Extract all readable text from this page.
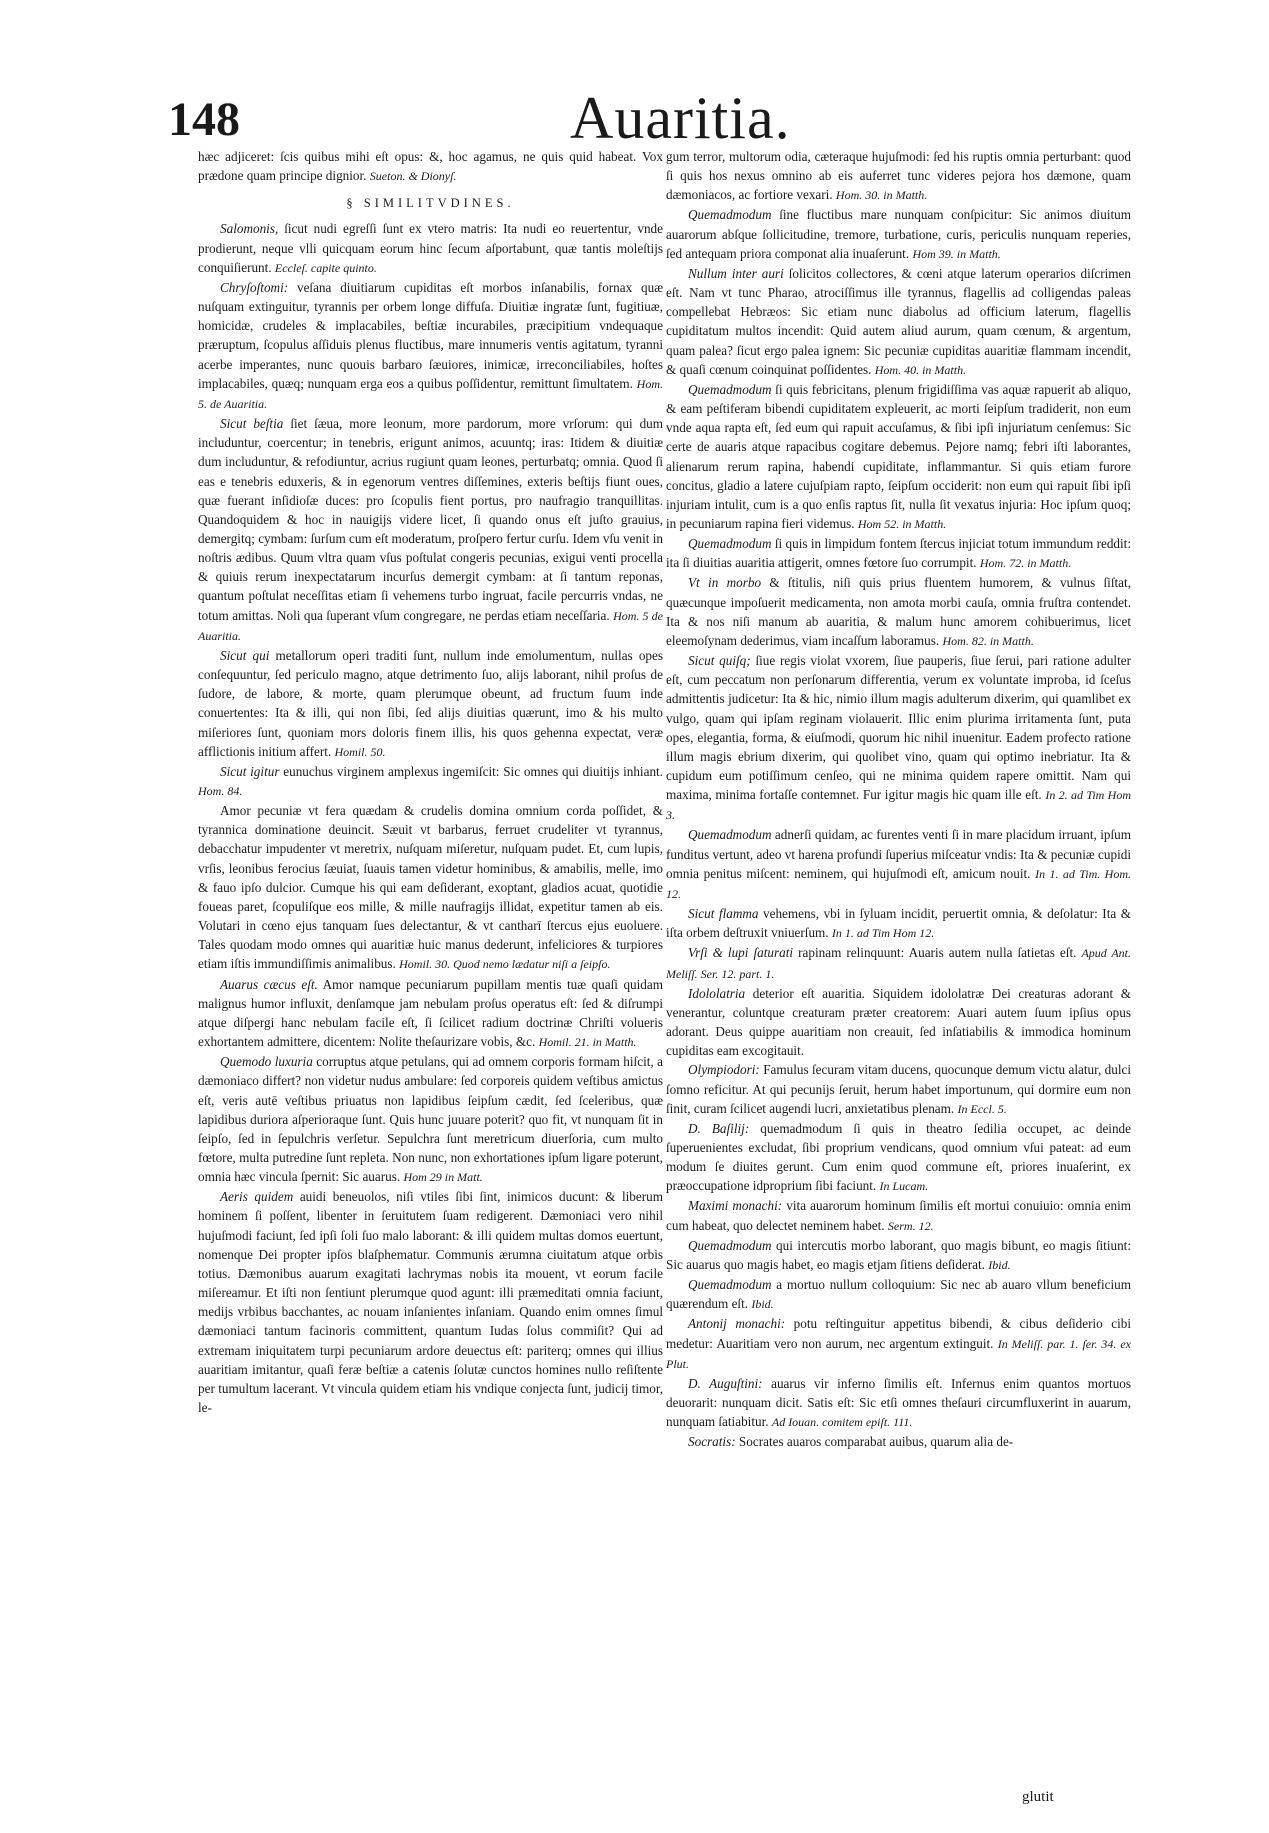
148	Auaritia.

hæc adjiceret: ſcis quibus mihi eſt opus: &, hoc agamus, ne quis quid habeat. Vox prædone quam principe dignior. Sueton. & Dionyſ.

§ SIMILITVDINES.

Salomonis, ſicut nudi egreſſi ſunt ex vtero matris: Ita nudi eo reuertentur, vnde prodierunt, neque vlli quicquam eorum hinc ſecum aſportabunt, quæ tantis moleſtijs conquiſierunt. Eccleſ. capite quinto.

Chryſoſtomi: veſana diuitiarum cupiditas eſt morbos inſanabilis, fornax quæ nuſquam extinguitur, tyrannis per orbem longe diffuſa. Diuitiæ ingratæ ſunt, fugitiuæ, homicidæ, crudeles & implacabiles, beſtiæ incurabiles, præcipitium vndequaque præruptum, ſcopulus aſſiduis plenus fluctibus, mare innumeris ventis agitatum, tyranni acerbe imperantes, nunc quouis barbaro ſæuiores, inimicæ, irreconciliabiles, hoſtes implacabiles, quæq; nunquam erga eos a quibus poſſidentur, remittunt ſimultatem. Hom. 5. de Auaritia.

Sicut beſtia ſiet ſæua, more leonum, more pardorum, more vrſorum: qui dum includuntur, coercentur; in tenebris, erigunt animos, acuuntq; iras: Itidem & diuitiæ dum includuntur, & refodiuntur, acrius rugiunt quam leones, perturbatq; omnia. Quod ſi eas e tenebris eduxeris, & in egenorum ventres diſſemines, exteris beſtijs fiunt oues, quæ fuerant inſidioſæ duces: pro ſcopulis fient portus, pro naufragio tranquillitas. Quandoquidem & hoc in nauigijs videre licet, ſi quando onus eſt juſto grauius, demergitq; cymbam: ſurſum cum eſt moderatum, proſpero fertur curſu. Idem vſu venit in noſtris ædibus. Quum vltra quam vſus poſtulat congeris pecunias, exigui venti procella & quiuis rerum inexpectatarum incurſus demergit cymbam: at ſi tantum reponas, quantum poſtulat neceſſitas etiam ſi vehemens turbo ingruat, facile percurris vndas, ne totum amittas. Noli qua ſuperant vſum congregare, ne perdas etiam neceſſaria. Hom. 5 de Auaritia.

Sicut qui metallorum operi traditi ſunt, nullum inde emolumentum, nullas opes conſequuntur, ſed periculo magno, atque detrimento ſuo, alijs laborant, nihil proſus de ſudore, de labore, & morte, quam plerumque obeunt, ad fructum ſuum inde conuertentes: Ita & illi, qui non ſibi, ſed alijs diuitias quærunt, imo & his multo miſeriores ſunt, quoniam mors doloris finem illis, his quos gehenna expectat, veræ afflictionis initium affert. Homil. 50.

Sicut igitur eunuchus virginem amplexus ingemiſcit: Sic omnes qui diuitijs inhiant. Hom. 84.

Amor pecuniæ vt fera quædam & crudelis domina omnium corda poſſidet, & tyrannica dominatione deuincit. Sæuit vt barbarus, ferruet crudeliter vt tyrannus, debacchatur impudenter vt meretrix, nuſquam miſeretur, nuſquam pudet. Et, cum lupis, vrſis, leonibus ferocius ſæuiat, ſuauis tamen videtur hominibus, & amabilis, melle, imo & fauo ipſo dulcior. Cumque his qui eam deſiderant, exoptant, gladios acuat, quotidie foueas paret, ſcopuliſque eos mille, & mille naufragijs illidat, expetitur tamen ab eis. Volutari in cœno ejus tanquam ſues delectantur, & vt cantharī ſtercus ejus euoluere. Tales quodam modo omnes qui auaritiæ huic manus dederunt, infeliciores & turpiores etiam iſtis immundiſſimis animalibus. Homil. 30. Quod nemo lædatur niſi a ſeipſo.

Auarus cæcus eſt. Amor namque pecuniarum pupillam mentis tuæ quaſi quidam malignus humor influxit, denſamque jam nebulam proſus operatus eſt: ſed & diſrumpi atque diſpergi hanc nebulam facile eſt, ſi ſcilicet radium doctrinæ Chriſti volueris exhortantem admittere, dicentem: Nolite theſaurizare vobis, &c. Homil. 21. in Matth.

Quemodo luxuria corruptus atque petulans, qui ad omnem corporis formam hiſcit, a dæmoniaco differt? non videtur nudus ambulare: ſed corporeis quidem veſtibus amictus eſt, veris autē veſtibus priuatus non lapidibus ſeipſum cædit, ſed ſceleribus, quæ lapidibus duriora aſperioraque ſunt. Quis hunc juuare poterit? quo fit, vt nunquam ſit in ſeipſo, ſed in ſepulchris verſetur. Sepulchra ſunt meretricum diuerſoria, cum multo fœtore, multa putredine ſunt repleta. Non nunc, non exhortationes ipſum ligare poterunt, omnia hæc vincula ſpernit: Sic auarus. Hom 29 in Matt.

Aeris quidem auidi beneuolos, niſi vtiles ſibi ſint, inimicos ducunt: & liberum hominem ſi poſſent, libenter in ſeruitutem ſuam redigerent. Dæmoniaci vero nihil hujuſmodi faciunt, ſed ipſi ſoli ſuo malo laborant: & illi quidem multas domos euertunt, nomenque Dei propter ipſos blaſphematur. Communis ærumna ciuitatum atque orbis totius. Dæmonibus auarum exagitati lachrymas nobis ita mouent, vt eorum facile miſereamur. Et iſti non ſentiunt plerumque quod agunt: illi præmeditati omnia faciunt, medijs vrbibus bacchantes, ac nouam inſanientes inſaniam. Quando enim omnes ſimul dæmoniaci tantum facinoris committent, quantum Iudas ſolus commiſit? Qui ad extremam iniquitatem turpi pecuniarum ardore deuectus eſt: pariterq; omnes qui illius auaritiam imitantur, quaſi feræ beſtiæ a catenis ſolutæ cunctos homines nullo reſiſtente per tumultum lacerant. Vt vincula quidem etiam his vndique conjecta ſunt, judicij timor, le-

gum terror, multorum odia, cæteraque hujuſmodi: ſed his ruptis omnia perturbant: quod ſi quis hos nexus omnino ab eis auferret tunc videres pejora hos dæmone, quam dæmoniacos, ac fortiore vexari. Hom. 30. in Matth.

Quemadmodum ſine fluctibus mare nunquam conſpicitur: Sic animos diuitum auarorum abſque ſollicitudine, tremore, turbatione, curis, periculis nunquam reperies, ſed antequam priora componat alia inuaſerunt. Hom 39. in Matth.

Nullum inter auri ſolicitos collectores, & cœni atque laterum operarios diſcrimen eſt. Nam vt tunc Pharao, atrociſſimus ille tyrannus, flagellis ad colligendas paleas compellebat Hebræos: Sic etiam nunc diabolus ad officium laterum, flagellis cupiditatum multos incendit: Quid autem aliud aurum, quam cœnum, & argentum, quam palea? ſicut ergo palea ignem: Sic pecuniæ cupiditas auaritiæ flammam incendit, & quaſi cœnum coinquinat poſſidentes. Hom. 40. in Matth.

Quemadmodum ſi quis febricitans, plenum frigidiſſima vas aquæ rapuerit ab aliquo, & eam peſtiferam bibendi cupiditatem expleuerit, ac morti ſeipſum tradiderit, non eum vnde aqua rapta eſt, ſed eum qui rapuit accuſamus, & ſibi ipſi injuriatum cenſemus: Sic certe de auaris atque rapacibus cogitare debemus. Pejore namq; febri iſti laborantes, alienarum rerum rapina, habendi cupiditate, inflammantur. Si quis etiam furore concitus, gladio a latere cujuſpiam rapto, ſeipſum occiderit: non eum qui rapuit ſibi ipſi injuriam intulit, cum is a quo enſis raptus ſit, nulla ſit vexatus injuria: Hoc ipſum quoq; in pecuniarum rapina fieri videmus. Hom 52. in Matth.

Quemadmodum ſi quis in limpidum fontem ſtercus injiciat totum immundum reddit: ita ſi diuitias auaritia attigerit, omnes fœtore ſuo corrumpit. Hom. 72. in Matth.

Vt in morbo & ſtitulis, niſi quis prius fluentem humorem, & vulnus ſiſtat, quæcunque impoſuerit medicamenta, non amota morbi cauſa, omnia fruſtra contendet. Ita & nos niſi manum ab auaritia, & malum hunc amorem cohibuerimus, licet eleemoſynam dederimus, viam incaſſum laboramus. Hom. 82. in Matth.

Sicut quiſq; ſiue regis violat vxorem, ſiue pauperis, ſiue ſerui, pari ratione adulter eſt, cum peccatum non perſonarum differentia, verum ex voluntate improba, id ſceſus admittentis judicetur: Ita & hic, nimio illum magis adulterum dixerim, qui quamlibet ex vulgo, quam qui ipſam reginam violauerit. Illic enim plurima irritamenta ſunt, puta opes, elegantia, forma, & eiuſmodi, quorum hic nihil inuenitur. Eadem profecto ratione illum magis ebrium dixerim, qui quolibet vino, quam qui optimo inebriatur. Ita & cupidum eum potiſſimum cenſeo, qui ne minima quidem rapere omittit. Nam qui maxima, minima fortaſſe contemnet. Fur igitur magis hic quam ille eſt. In 2. ad Tim Hom 3.

Quemadmodum adnerſi quidam, ac furentes venti ſi in mare placidum irruant, ipſum funditus vertunt, adeo vt harena profundi ſuperius miſceatur vndis: Ita & pecuniæ cupidi omnia penitus miſcent: neminem, qui hujuſmodi eſt, amicum nouit. In 1. ad Tim. Hom. 12.

Sicut flamma vehemens, vbi in ſyluam incidit, peruertit omnia, & deſolatur: Ita & iſta orbem deſtruxit vniuerſum. In 1. ad Tim Hom 12.

Vrſi & lupi ſaturati rapinam relinquunt: Auaris autem nulla ſatietas eſt. Apud Ant. Meliſſ. Ser. 12. part. 1.

Idololatria deterior eſt auaritia. Siquidem idololatræ Dei creaturas adorant & venerantur, coluntque creaturam præter creatorem: Auari autem ſuum ipſius opus adorant. Deus quippe auaritiam non creauit, ſed inſatiabilis & immodica hominum cupiditas eam excogitauit.

Olympiodori: Famulus ſecuram vitam ducens, quocunque demum victu alatur, dulci ſomno reficitur. At qui pecunijs ſeruit, herum habet importunum, qui dormire eum non ſinit, curam ſcilicet augendi lucri, anxietatibus plenam. In Eccl. 5.

D. Baſilij: quemadmodum ſi quis in theatro ſedilia occupet, ac deinde ſuperuenientes excludat, ſibi proprium vendicans, quod omnium vſui pateat: ad eum modum ſe diuites gerunt. Cum enim quod commune eſt, priores inuaſerint, ex præoccupatione idproprium ſibi faciunt. In Lucam.

Maximi monachi: vita auarorum hominum ſimilis eſt mortui conuiuio: omnia enim cum habeat, quo delectet neminem habet. Serm. 12.

Quemadmodum qui intercutis morbo laborant, quo magis bibunt, eo magis ſitiunt: Sic auarus quo magis habet, eo magis etjam ſitiens deſiderat. Ibid.

Quemadmodum a mortuo nullum colloquium: Sic nec ab auaro vllum beneficium quærendum eſt. Ibid.

Antonij monachi: potu reſtinguitur appetitus bibendi, & cibus deſiderio cibi medetur: Auaritiam vero non aurum, nec argentum extinguit. In Meliſſ. par. 1. ſer. 34. ex Plut.

D. Auguſtini: auarus vir inferno ſimilis eſt. Infernus enim quantos mortuos deuorarit: nunquam dicit. Satis eſt: Sic etſi omnes theſauri circumfluxerint in auarum, nunquam ſatiabitur. Ad Iouan. comitem epiſt. 111.

Socratis: Socrates auaros comparabat auibus, quarum alia de-

glutit
